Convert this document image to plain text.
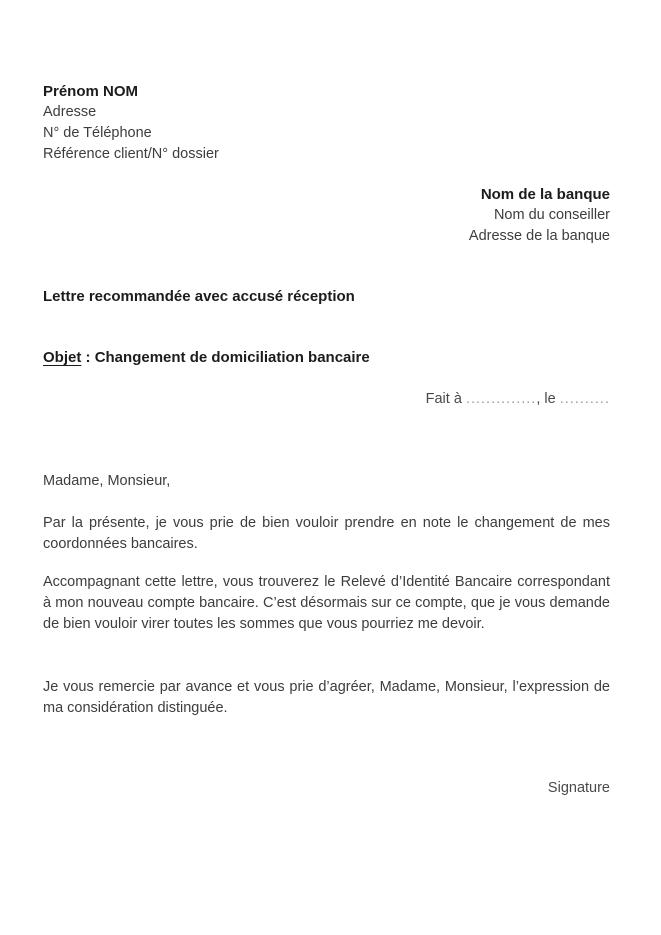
Prénom NOM
Adresse
N° de Téléphone
Référence client/N° dossier
Nom de la banque
Nom du conseiller
Adresse de la banque
Lettre recommandée avec accusé réception
Objet : Changement de domiciliation bancaire
Fait à .............., le ..........
Madame, Monsieur,
Par la présente, je vous prie de bien vouloir prendre en note le changement de mes coordonnées bancaires.
Accompagnant cette lettre, vous trouverez le Relevé d’Identité Bancaire correspondant à mon nouveau compte bancaire. C’est désormais sur ce compte, que je vous demande de bien vouloir virer toutes les sommes que vous pourriez me devoir.
Je vous remercie par avance et vous prie d’agréer, Madame, Monsieur, l’expression de ma considération distinguée.
Signature
